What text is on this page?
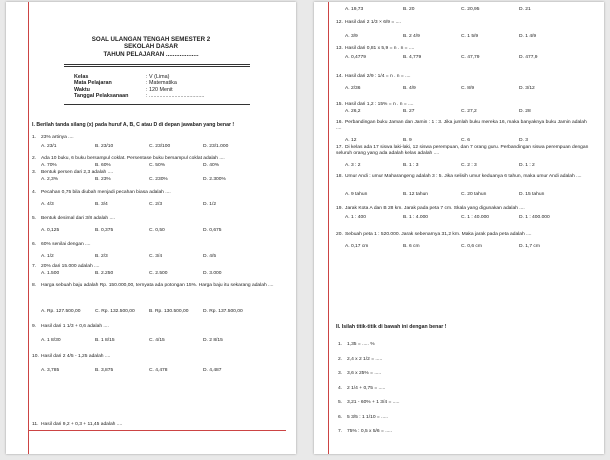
SOAL ULANGAN TENGAH SEMESTER 2
SEKOLAH DASAR
TAHUN PELAJARAN ...................
Kelas	: V (Lima)
Mata Pelajaran	: Matematika
Waktu	: 120 Menit
Tanggal Pelaksanaan	: .....................................
I. Berilah tanda silang (x) pada huruf A, B, C atau D di depan jawaban yang benar !
1. 23% artinya ....
A. 23/1	B. 23/10	C. 23/100	D. 23/1.000
2. Ada 10 buku, 6 buku bersampul coklat. Persentase buku bersampul coklat adalah ....
A. 70%	B. 60%	C. 50%	D. 40%
3. Bentuk persen dari 2,3 adalah ....
A. 2,3%	B. 23%	C. 230%	D. 2.300%
4. Pecahan 0,75 bila diubah menjadi pecahan biasa adalah ....
A. 4/3	B. 3/4	C. 2/3	D. 1/2
5. Bentuk desimal dari 3/8 adalah ....
A. 0,125	B. 0,375	C. 0,50	D. 0,675
6. 60% senilai dengan ....
A. 1/2	B. 2/3	C. 3/4	D. 4/5
7. 20% dari 15.000 adalah ....
A. 1.500	B. 2.250	C. 2.500	D. 3.000
8. Harga sebuah baju adalah Rp. 150.000,00, ternyata ada potongan 15%. Harga baju itu sekarang adalah ....
A. Rp. 127.500,00	C. Rp. 132.500,00	B. Rp. 130.500,00	D. Rp. 137.500,00
9. Hasil dari 1 1/3 + 0,6 adalah ....
A. 1 8/30	B. 1 8/15	C. 4/15	D. 2 8/15
10. Hasil dari 2 4/5 - 1,25 adalah ....
A. 3,785	B. 3,875	C. 4,478	D. 4,487
11. Hasil dari 9,2 + 0,3 + 11,45 adalah ....
A. 19,73	B. 20	C. 20,95	D. 21
12. Hasil dari 2 1/3 × 6/9 = ....
A. 3/9	B. 2 4/9	C. 1 5/9	D. 1 4/9
13. Hasil dari 0,81 x 5,9 = n . n = ....
A. 0,4779	B. 4,779	C. 47,79	D. 477,9
14. Hasil dari 2/9 : 1/4 = n . n = ....
A. 2/36	B. 4/9	C. 8/9	D. 3/12
15. Hasil dari 1,2 : 15% = n . n = ....
A. 26,2	B. 27	C. 27,2	D. 28
16. Perbandingan buku Jaman dan Jamin : 1 : 3. Jika jumlah buku mereka 16, maka banyaknya buku Jamin adalah ....
A. 12	B. 9	C. 6	D. 3
17. Di kelas ada 17 siswa laki-laki, 12 siswa perempuan, dan 7 orang guru. Perbandingan siswa perempuan dengan seluruh orang yang ada adalah kelas adalah ....
A. 3 : 2	B. 1 : 3	C. 2 : 3	D. 1 : 2
18. Umur Andi : umur Maharangeng adalah 3 : 5. Jika selisih umur keduanya 6 tahun, maka umur Andi adalah ....
A. 9 tahun	B. 12 tahun	C. 20 tahun	D. 15 tahun
19. Jarak Kota A dan B 28 km. Jarak pada peta 7 cm. Skala yang digunakan adalah ....
A. 1 : 400	B. 1 : 4.000	C. 1 : 40.000	D. 1 : 400.000
20. Sebuah peta 1 : 520.000. Jarak sebenarnya 31,2 km. Maka jarak pada peta adalah ....
A. 0,17 cm	B. 6 cm	C. 0,6 cm	D. 1,7 cm
II. Isilah titik-titik di bawah ini dengan benar !
1. 1,35 = ..... %
2. 2,4 x 2 1/2 = .....
3. 3,6 x 25% = .....
4. 2 1/4 + 0,75 = .....
5. 3,21 - 60% + 1 3/4 = .....
6. 5 3/5 : 1 1/10 = .....
7. 75% : 0,5 x 5/6 = .....
